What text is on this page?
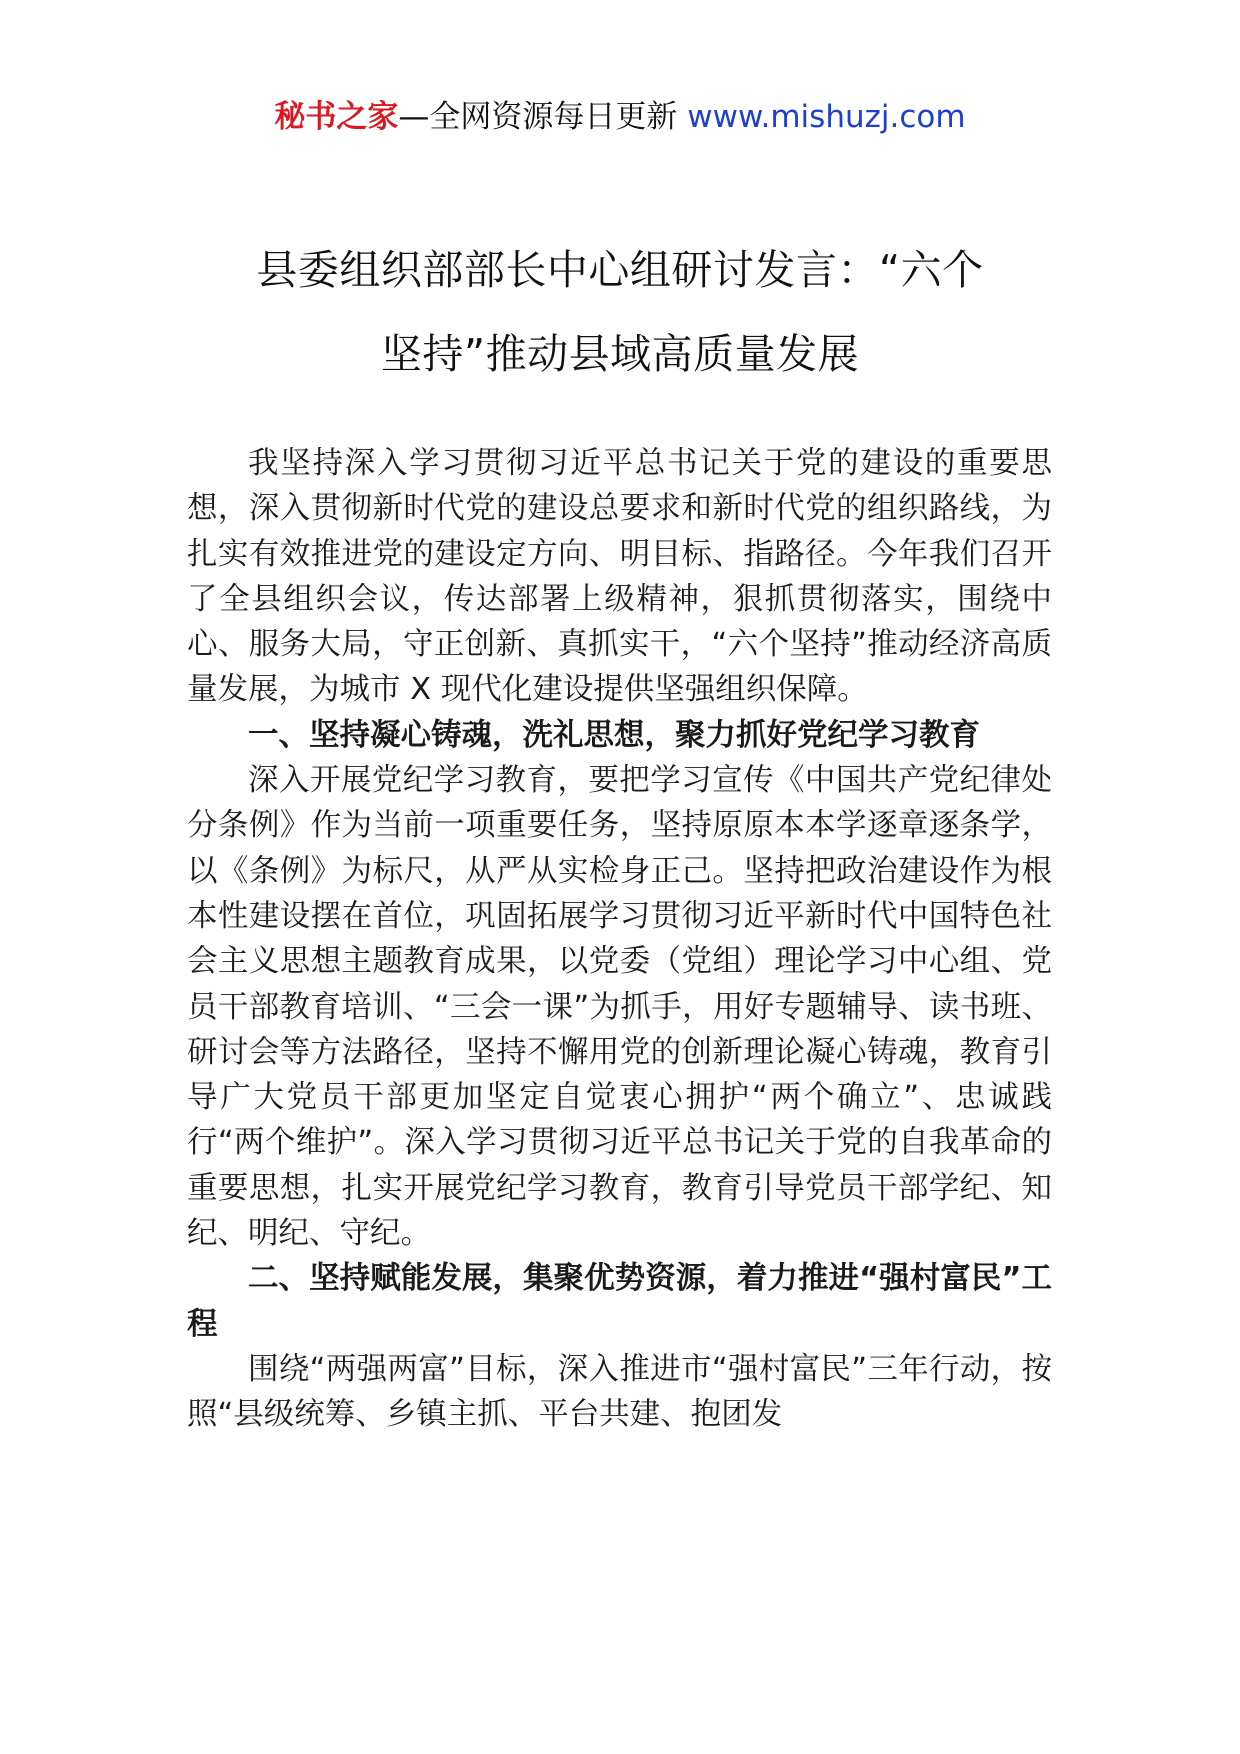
秘书之家—全网资源每日更新 www.mishuzj.com
县委组织部部长中心组研讨发言：“六个
坚持”推动县域高质量发展

我坚持深入学习贯彻习近平总书记关于党的建设的重要思想，深入贯彻新时代党的建设总要求和新时代党的组织路线，为扎实有效推进党的建设定方向、明目标、指路径。今年我们召开了全县组织会议，传达部署上级精神，狠抓贯彻落实，围绕中心、服务大局，守正创新、真抓实干，“六个坚持”推动经济高质量发展，为城市 X 现代化建设提供坚强组织保障。

一、坚持凝心铸魂，洗礼思想，聚力抓好党纪学习教育

深入开展党纪学习教育，要把学习宣传《中国共产党纪律处分条例》作为当前一项重要任务，坚持原原本本学逐章逐条学，以《条例》为标尺，从严从实检身正己。坚持把政治建设作为根本性建设摆在首位，巩固拓展学习贯彻习近平新时代中国特色社会主义思想主题教育成果，以党委（党组）理论学习中心组、党员干部教育培训、“三会一课”为抓手，用好专题辅导、读书班、研讨会等方法路径，坚持不懈用党的创新理论凝心铸魂，教育引导广大党员干部更加坚定自觉衷心拥护“两个确立”、忠诚践行“两个维护”。深入学习贯彻习近平总书记关于党的自我革命的重要思想，扎实开展党纪学习教育，教育引导党员干部学纪、知纪、明纪、守纪。

二、坚持赋能发展，集聚优势资源，着力推进“强村富民”工程

围绕“两强两富”目标，深入推进市“强村富民”三年行动，按照“县级统筹、乡镇主抓、平台共建、抱团发
